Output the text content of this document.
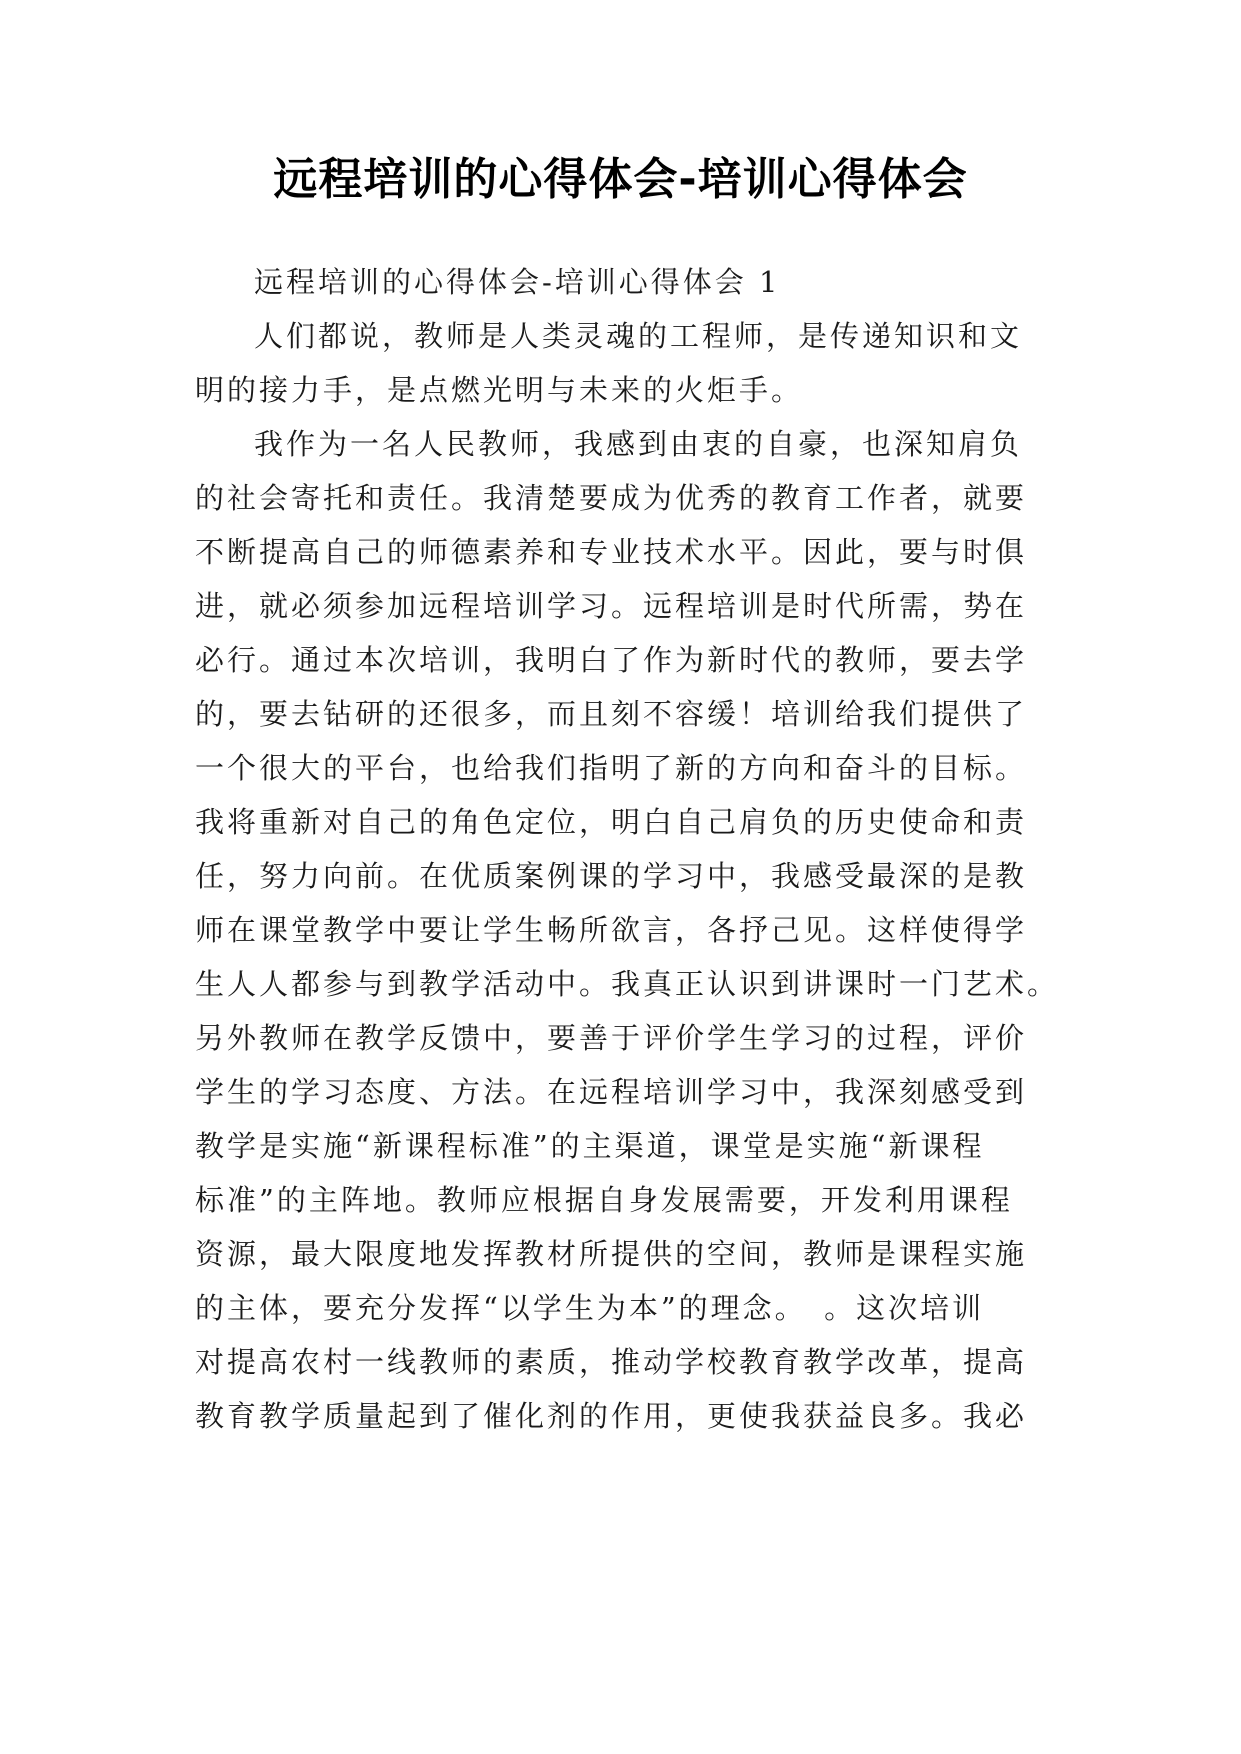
远程培训的心得体会-培训心得体会
远程培训的心得体会-培训心得体会 1
人们都说，教师是人类灵魂的工程师，是传递知识和文
明的接力手，是点燃光明与未来的火炬手。
我作为一名人民教师，我感到由衷的自豪，也深知肩负
的社会寄托和责任。我清楚要成为优秀的教育工作者，就要
不断提高自己的师德素养和专业技术水平。因此，要与时俱
进，就必须参加远程培训学习。远程培训是时代所需，势在
必行。通过本次培训，我明白了作为新时代的教师，要去学
的，要去钻研的还很多，而且刻不容缓！培训给我们提供了
一个很大的平台，也给我们指明了新的方向和奋斗的目标。
我将重新对自己的角色定位，明白自己肩负的历史使命和责
任，努力向前。在优质案例课的学习中，我感受最深的是教
师在课堂教学中要让学生畅所欲言，各抒己见。这样使得学
生人人都参与到教学活动中。我真正认识到讲课时一门艺术。
另外教师在教学反馈中，要善于评价学生学习的过程，评价
学生的学习态度、方法。在远程培训学习中，我深刻感受到
教学是实施“新课程标准”的主渠道，课堂是实施“新课程
标准”的主阵地。教师应根据自身发展需要，开发利用课程
资源，最大限度地发挥教材所提供的空间，教师是课程实施
的主体，要充分发挥“以学生为本”的理念。　。这次培训
对提高农村一线教师的素质，推动学校教育教学改革，提高
教育教学质量起到了催化剂的作用，更使我获益良多。我必
